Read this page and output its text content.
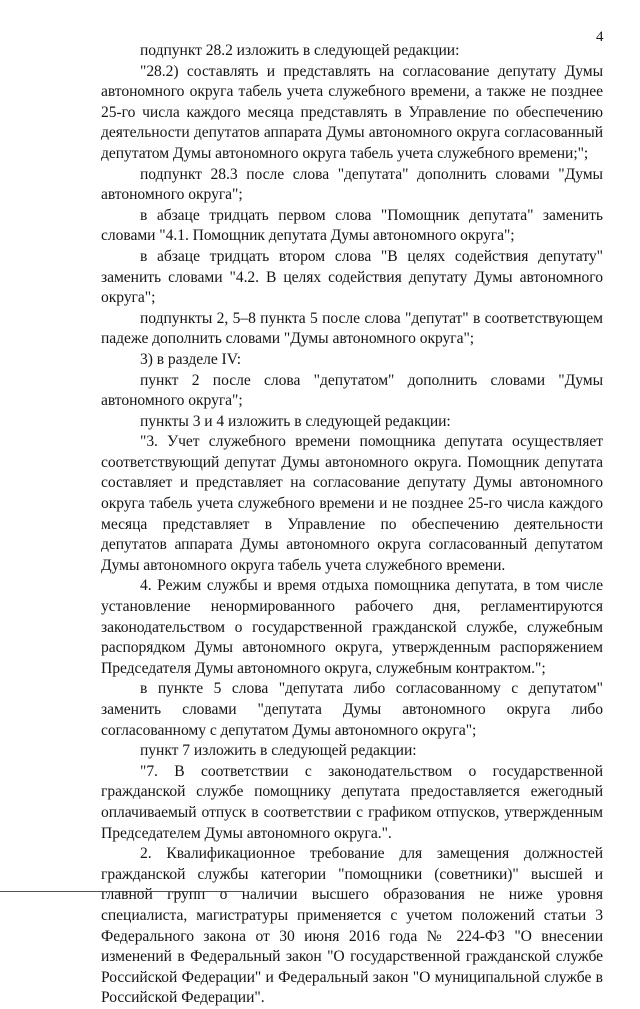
4

подпункт 28.2 изложить в следующей редакции:

"28.2) составлять и представлять на согласование депутату Думы автономного округа табель учета служебного времени, а также не позднее 25-го числа каждого месяца представлять в Управление по обеспечению деятельности депутатов аппарата Думы автономного округа согласованный депутатом Думы автономного округа табель учета служебного времени;";

подпункт 28.3 после слова "депутата" дополнить словами "Думы автономного округа";

в абзаце тридцать первом слова "Помощник депутата" заменить словами "4.1. Помощник депутата Думы автономного округа";

в абзаце тридцать втором слова "В целях содействия депутату" заменить словами "4.2. В целях содействия депутату Думы автономного округа";

подпункты 2, 5–8 пункта 5 после слова "депутат" в соответствующем падеже дополнить словами "Думы автономного округа";

3) в разделе IV:

пункт 2 после слова "депутатом" дополнить словами "Думы автономного округа";

пункты 3 и 4 изложить в следующей редакции:

"3. Учет служебного времени помощника депутата осуществляет соответствующий депутат Думы автономного округа. Помощник депутата составляет и представляет на согласование депутату Думы автономного округа табель учета служебного времени и не позднее 25-го числа каждого месяца представляет в Управление по обеспечению деятельности депутатов аппарата Думы автономного округа согласованный депутатом Думы автономного округа табель учета служебного времени.

4. Режим службы и время отдыха помощника депутата, в том числе установление ненормированного рабочего дня, регламентируются законодательством о государственной гражданской службе, служебным распорядком Думы автономного округа, утвержденным распоряжением Председателя Думы автономного округа, служебным контрактом.";

в пункте 5 слова "депутата либо согласованному с депутатом" заменить словами "депутата Думы автономного округа либо согласованному с депутатом Думы автономного округа";

пункт 7 изложить в следующей редакции:

"7. В соответствии с законодательством о государственной гражданской службе помощнику депутата предоставляется ежегодный оплачиваемый отпуск в соответствии с графиком отпусков, утвержденным Председателем Думы автономного округа.".

2. Квалификационное требование для замещения должностей гражданской службы категории "помощники (советники)" высшей и главной групп о наличии высшего образования не ниже уровня специалиста, магистратуры применяется с учетом положений статьи 3 Федерального закона от 30 июня 2016 года № 224-ФЗ "О внесении изменений в Федеральный закон "О государственной гражданской службе Российской Федерации" и Федеральный закон "О муниципальной службе в Российской Федерации".
